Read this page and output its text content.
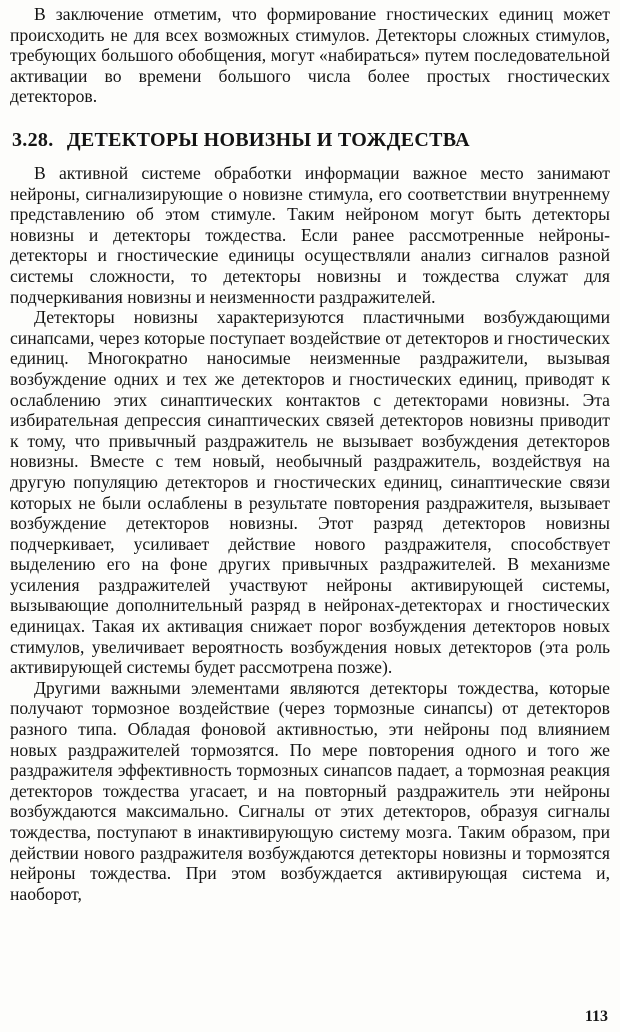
В заключение отметим, что формирование гностических единиц может происходить не для всех возможных стимулов. Детекторы сложных стимулов, требующих большого обобщения, могут «набираться» путем последовательной активации во времени большого числа более простых гностических детекторов.

3.28. ДЕТЕКТОРЫ НОВИЗНЫ И ТОЖДЕСТВА

В активной системе обработки информации важное место занимают нейроны, сигнализирующие о новизне стимула, его соответствии внутреннему представлению об этом стимуле. Таким нейроном могут быть детекторы новизны и детекторы тождества. Если ранее рассмотренные нейроны-детекторы и гностические единицы осуществляли анализ сигналов разной системы сложности, то детекторы новизны и тождества служат для подчеркивания новизны и неизменности раздражителей.

Детекторы новизны характеризуются пластичными возбуждающими синапсами, через которые поступает воздействие от детекторов и гностических единиц. Многократно наносимые неизменные раздражители, вызывая возбуждение одних и тех же детекторов и гностических единиц, приводят к ослаблению этих синаптических контактов с детекторами новизны. Эта избирательная депрессия синаптических связей детекторов новизны приводит к тому, что привычный раздражитель не вызывает возбуждения детекторов новизны. Вместе с тем новый, необычный раздражитель, воздействуя на другую популяцию детекторов и гностических единиц, синаптические связи которых не были ослаблены в результате повторения раздражителя, вызывает возбуждение детекторов новизны. Этот разряд детекторов новизны подчеркивает, усиливает действие нового раздражителя, способствует выделению его на фоне других привычных раздражителей. В механизме усиления раздражителей участвуют нейроны активирующей системы, вызывающие дополнительный разряд в нейронах-детекторах и гностических единицах. Такая их активация снижает порог возбуждения детекторов новых стимулов, увеличивает вероятность возбуждения новых детекторов (эта роль активирующей системы будет рассмотрена позже).

Другими важными элементами являются детекторы тождества, которые получают тормозное воздействие (через тормозные синапсы) от детекторов разного типа. Обладая фоновой активностью, эти нейроны под влиянием новых раздражителей тормозятся. По мере повторения одного и того же раздражителя эффективность тормозных синапсов падает, а тормозная реакция детекторов тождества угасает, и на повторный раздражитель эти нейроны возбуждаются максимально. Сигналы от этих детекторов, образуя сигналы тождества, поступают в инактивирующую систему мозга. Таким образом, при действии нового раздражителя возбуждаются детекторы новизны и тормозятся нейроны тождества. При этом возбуждается активирующая система и, наоборот,

113
